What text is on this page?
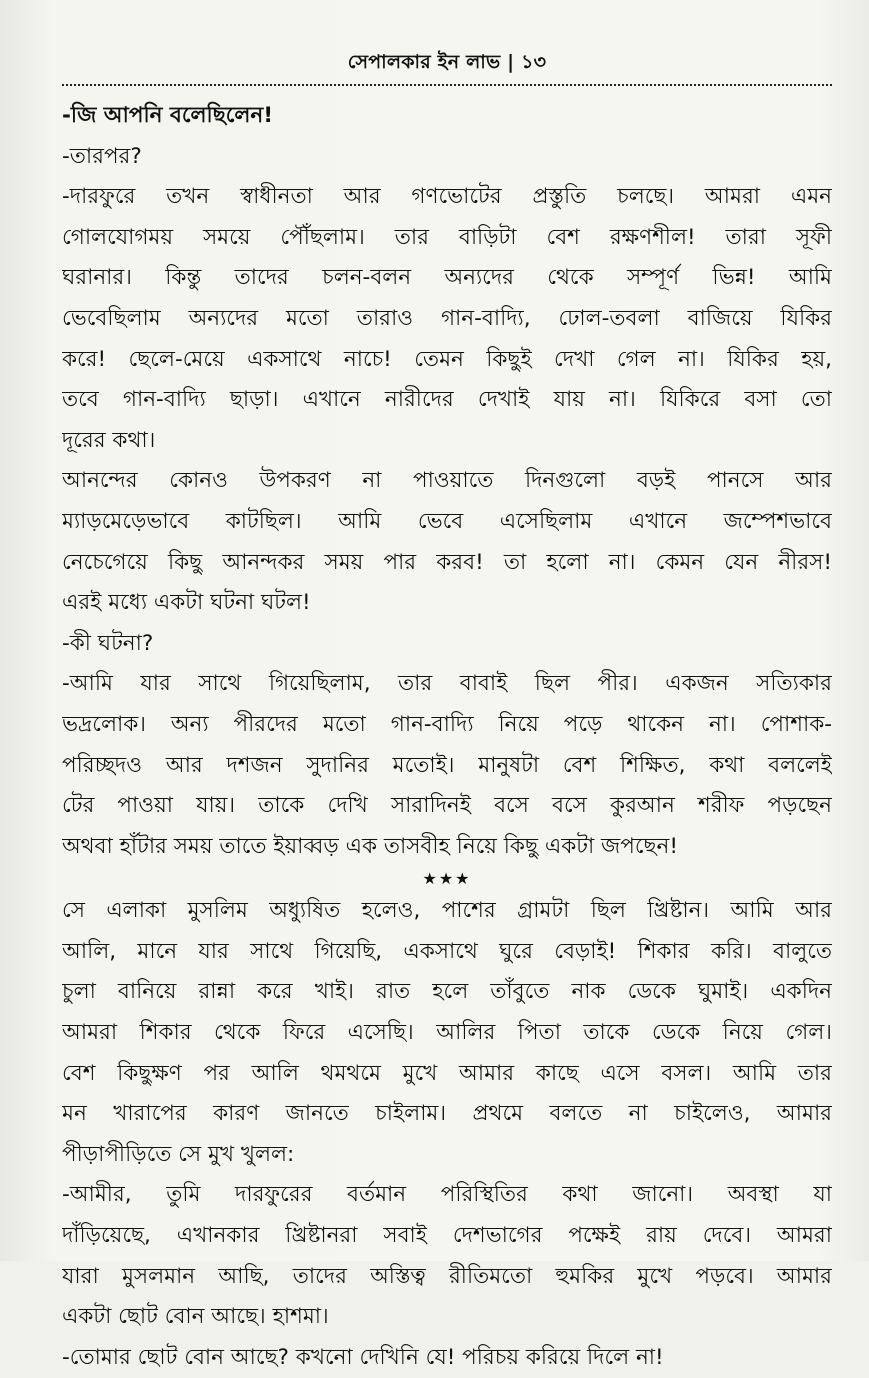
সেপালকার ইন লাভ | ১৩
-জি আপনি বলেছিলেন!
-তারপর?
-দারফুরে তখন স্বাধীনতা আর গণভোটের প্রস্তুতি চলছে। আমরা এমন
গোলযোগময় সময়ে পৌঁছলাম। তার বাড়িটা বেশ রক্ষণশীল! তারা সূফী
ঘরানার। কিন্তু তাদের চলন-বলন অন্যদের থেকে সম্পূর্ণ ভিন্ন! আমি
ভেবেছিলাম অন্যদের মতো তারাও গান-বাদ্যি, ঢোল-তবলা বাজিয়ে যিকির
করে! ছেলে-মেয়ে একসাথে নাচে! তেমন কিছুই দেখা গেল না। যিকির হয়,
তবে গান-বাদ্যি ছাড়া। এখানে নারীদের দেখাই যায় না। যিকিরে বসা তো
দূরের কথা।
আনন্দের কোনও উপকরণ না পাওয়াতে দিনগুলো বড়ই পানসে আর
ম্যাড়মেড়েভাবে কাটছিল। আমি ভেবে এসেছিলাম এখানে জম্পেশভাবে
নেচেগেয়ে কিছু আনন্দকর সময় পার করব! তা হলো না। কেমন যেন নীরস!
এরই মধ্যে একটা ঘটনা ঘটল!
-কী ঘটনা?
-আমি যার সাথে গিয়েছিলাম, তার বাবাই ছিল পীর। একজন সত্যিকার
ভদ্রলোক। অন্য পীরদের মতো গান-বাদ্যি নিয়ে পড়ে থাকেন না। পোশাক-
পরিচ্ছদও আর দশজন সুদানির মতোই। মানুষটা বেশ শিক্ষিত, কথা বললেই
টের পাওয়া যায়। তাকে দেখি সারাদিনই বসে বসে কুরআন শরীফ পড়ছেন
অথবা হাঁটার সময় তাতে ইয়াব্বড় এক তাসবীহ নিয়ে কিছু একটা জপছেন!
★★★
সে এলাকা মুসলিম অধ্যুষিত হলেও, পাশের গ্রামটা ছিল খ্রিষ্টান। আমি আর
আলি, মানে যার সাথে গিয়েছি, একসাথে ঘুরে বেড়াই! শিকার করি। বালুতে
চুলা বানিয়ে রান্না করে খাই। রাত হলে তাঁবুতে নাক ডেকে ঘুমাই। একদিন
আমরা শিকার থেকে ফিরে এসেছি। আলির পিতা তাকে ডেকে নিয়ে গেল।
বেশ কিছুক্ষণ পর আলি থমথমে মুখে আমার কাছে এসে বসল। আমি তার
মন খারাপের কারণ জানতে চাইলাম। প্রথমে বলতে না চাইলেও, আমার
পীড়াপীড়িতে সে মুখ খুলল:
-আমীর, তুমি দারফুরের বর্তমান পরিস্থিতির কথা জানো। অবস্থা যা
দাঁড়িয়েছে, এখানকার খ্রিষ্টানরা সবাই দেশভাগের পক্ষেই রায় দেবে। আমরা
যারা মুসলমান আছি, তাদের অস্তিত্ব রীতিমতো হুমকির মুখে পড়বে। আমার
একটা ছোট বোন আছে। হাশমা।
-তোমার ছোট বোন আছে? কখনো দেখিনি যে! পরিচয় করিয়ে দিলে না!
